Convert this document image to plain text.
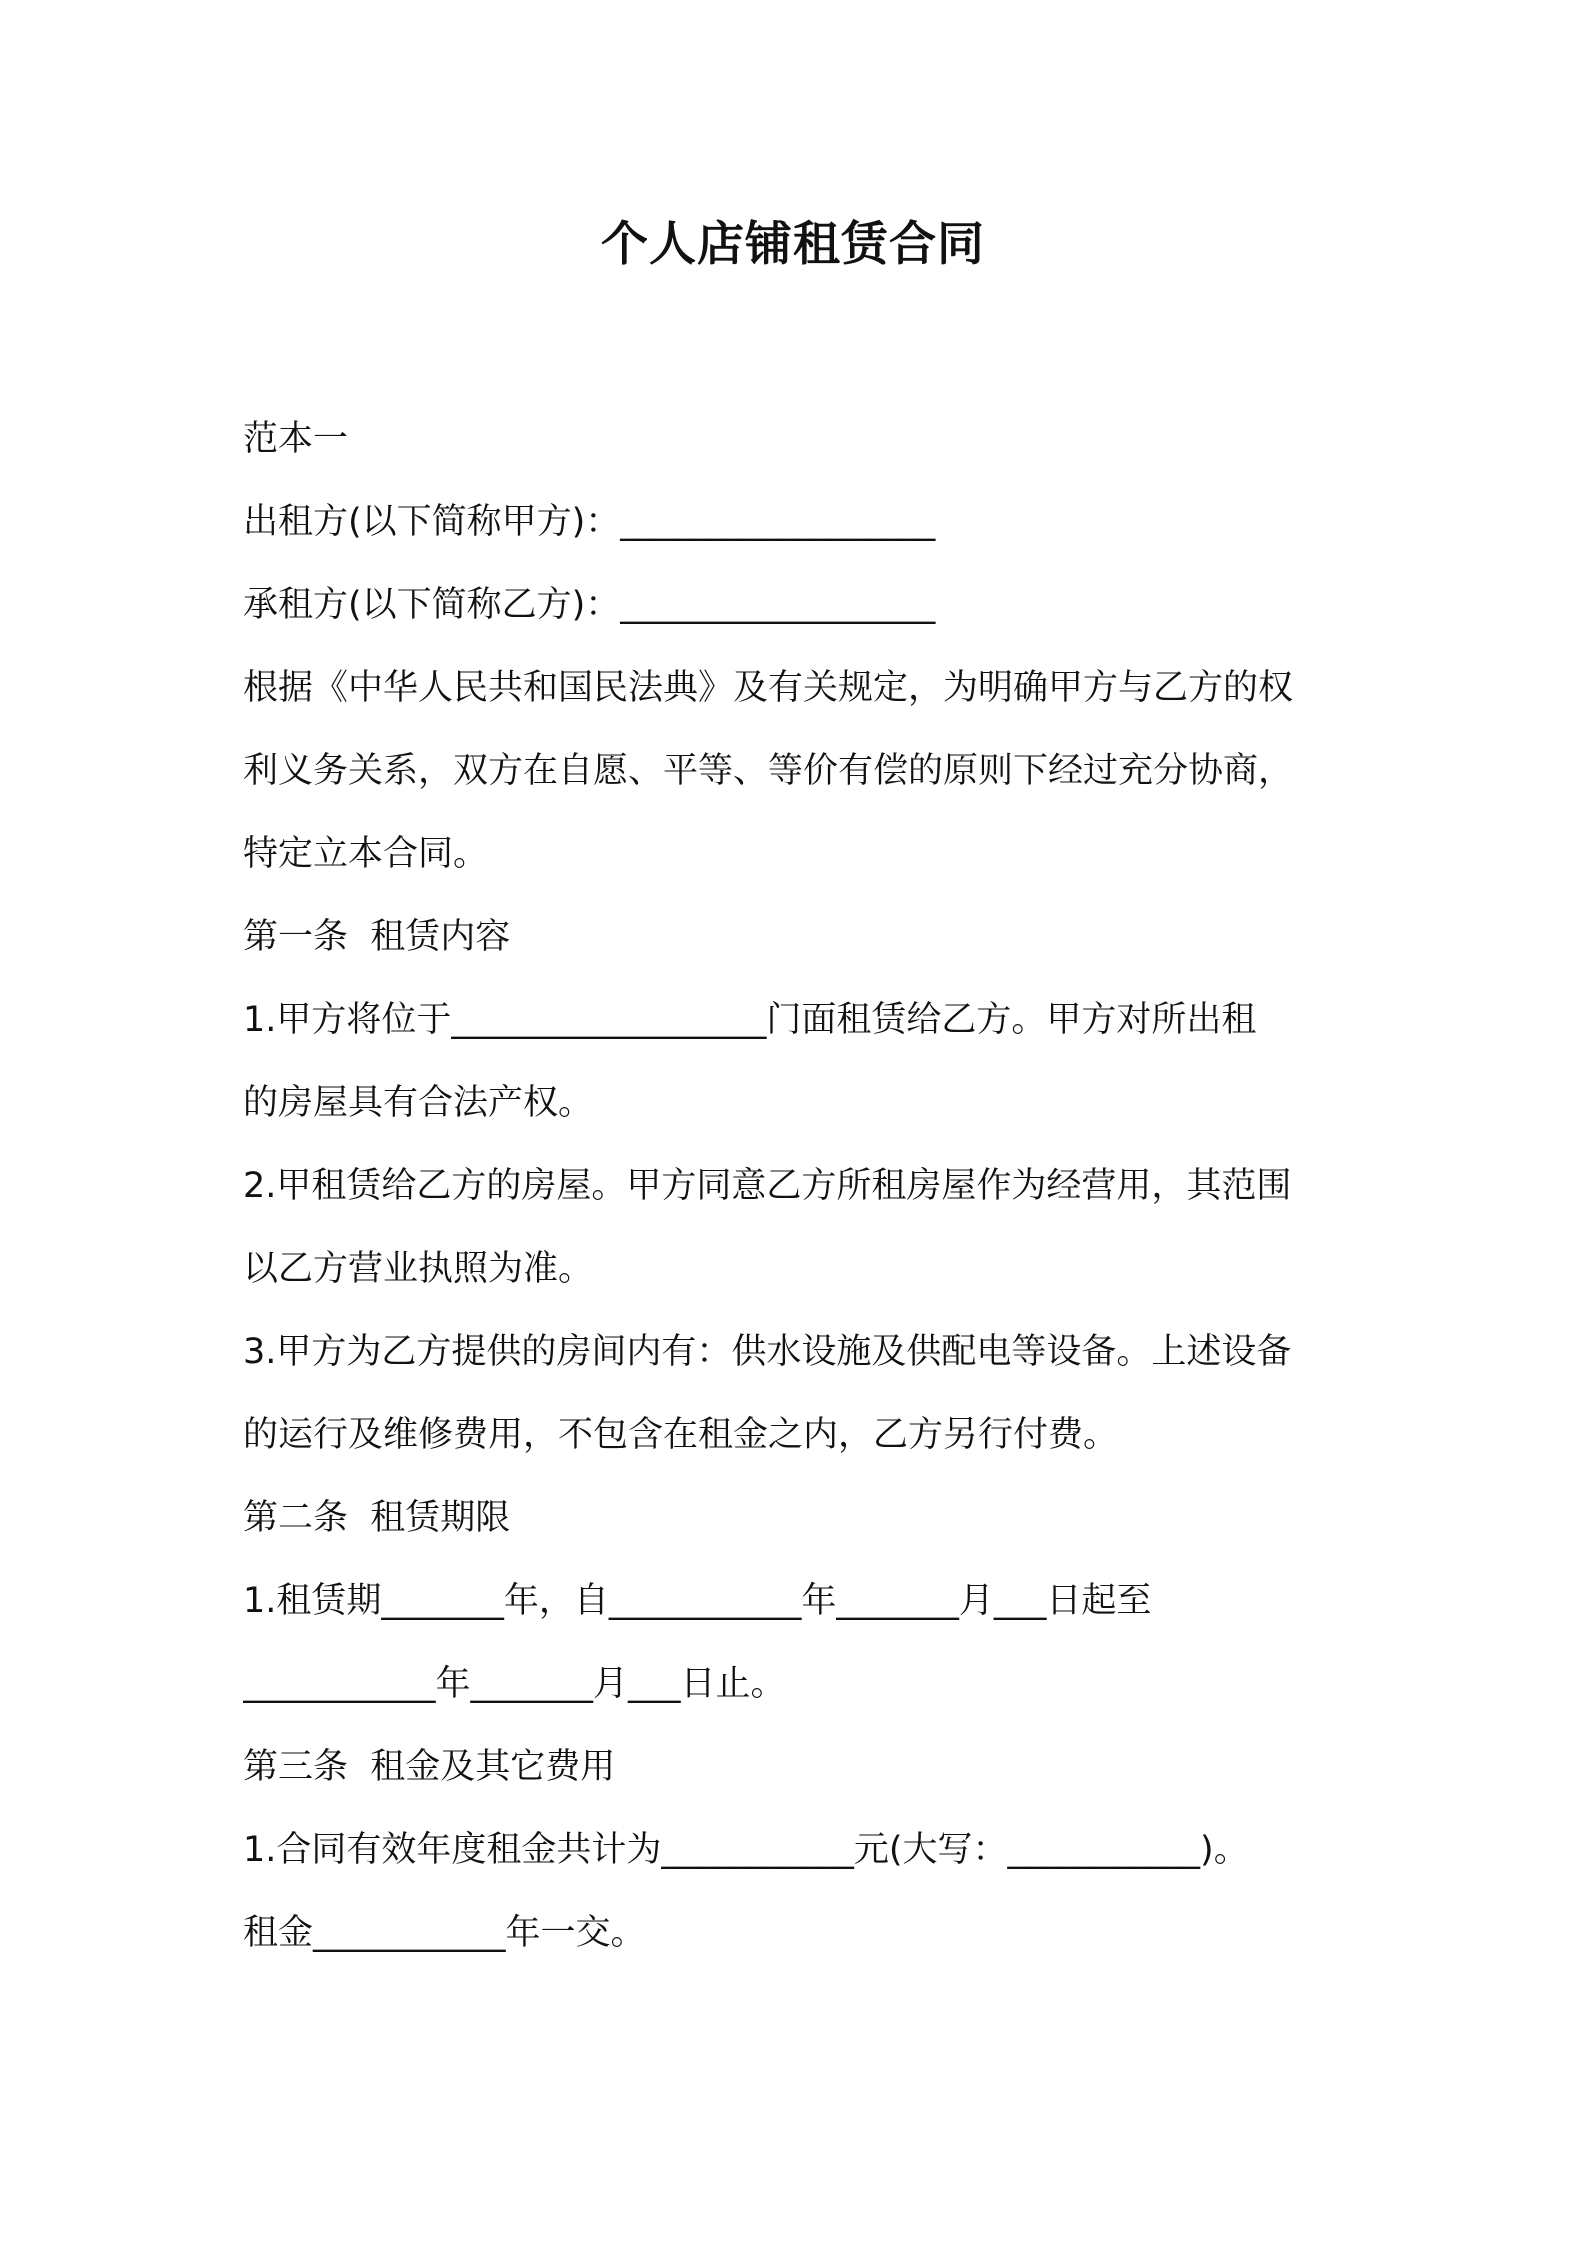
个人店铺租赁合同
范本一
出租方(以下简称甲方)：__________________
承租方(以下简称乙方)：__________________
根据《中华人民共和国民法典》及有关规定，为明确甲方与乙方的权
利义务关系，双方在自愿、平等、等价有偿的原则下经过充分协商，
特定立本合同。
第一条  租赁内容
1.甲方将位于__________________门面租赁给乙方。甲方对所出租
的房屋具有合法产权。
2.甲租赁给乙方的房屋。甲方同意乙方所租房屋作为经营用，其范围
以乙方营业执照为准。
3.甲方为乙方提供的房间内有：供水设施及供配电等设备。上述设备
的运行及维修费用，不包含在租金之内，乙方另行付费。
第二条  租赁期限
1.租赁期_______年，自___________年_______月___日起至
___________年_______月___日止。
第三条  租金及其它费用
1.合同有效年度租金共计为___________元(大写：___________)。
租金___________年一交。
